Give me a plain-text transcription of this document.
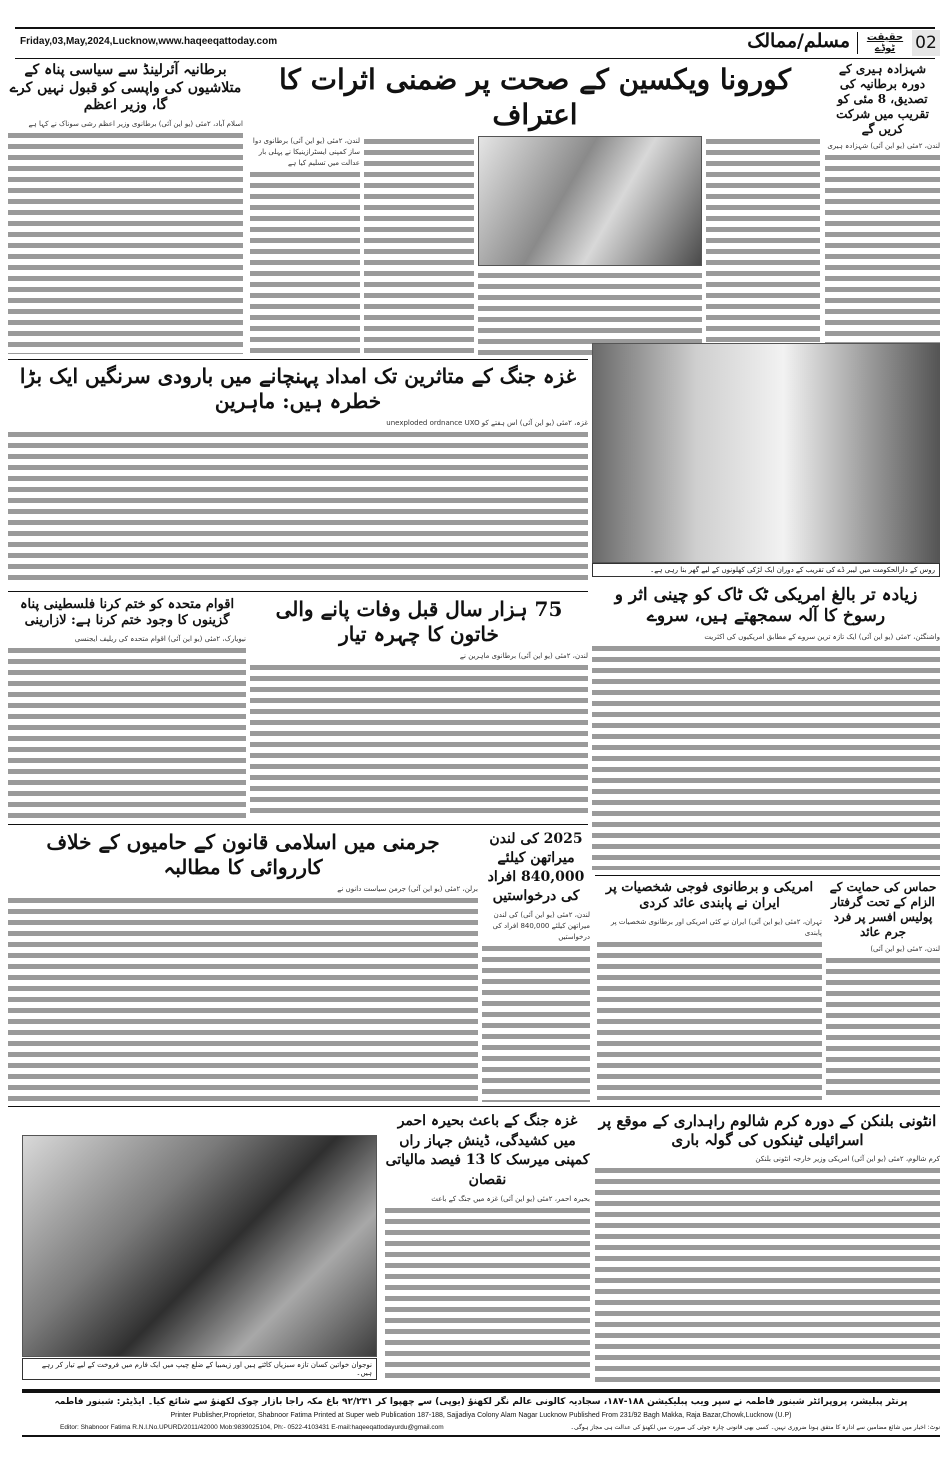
Friday,03,May,2024,Lucknow,www.haqeeqattoday.com	مسلم/ممالک	حقیقت ٹوڈے	02
برطانیہ آئرلینڈ سے سیاسی پناہ کے متلاشیوں کی واپسی کو قبول نہیں کرے گا، وزیر اعظم
اسلام آباد، ۲مئی (یو این آئی) برطانوی وزیر اعظم رشی سوناک نے کہا ہے
کورونا ویکسین کے صحت پر ضمنی اثرات کا اعتراف
لندن، ۲مئی (یو این آئی) برطانوی دوا ساز کمپنی ایسٹرازینیکا نے پہلی بار عدالت میں تسلیم کیا ہے
شہزادہ ہیری کے دورہ برطانیہ کی تصدیق، 8 مئی کو تقریب میں شرکت کریں گے
لندن، ۲مئی (یو این آئی) شہزادہ ہیری
غزہ جنگ کے متاثرین تک امداد پہنچانے میں بارودی سرنگیں ایک بڑا خطرہ ہیں: ماہرین
غزہ، ۲مئی (یو این آئی) اس ہفتے کو unexploded ordnance UXO
روس کے دارالحکومت میں لیبر ڈے کی تقریب کے دوران ایک لڑکی کھلونوں کے لیے گھر بنا رہی ہے۔
زیادہ تر بالغ امریکی ٹک ٹاک کو چینی اثر و رسوخ کا آلہ سمجھتے ہیں، سروے
واشنگٹن، ۲مئی (یو این آئی) ایک تازہ ترین سروے کے مطابق امریکیوں کی اکثریت
اقوام متحدہ کو ختم کرنا فلسطینی پناہ گزینوں کا وجود ختم کرنا ہے: لازارینی
نیویارک، ۲مئی (یو این آئی) اقوام متحدہ کی ریلیف ایجنسی
75 ہزار سال قبل وفات پانے والی خاتون کا چہرہ تیار
لندن، ۲مئی (یو این آئی) برطانوی ماہرین نے
جرمنی میں اسلامی قانون کے حامیوں کے خلاف کارروائی کا مطالبہ
برلن، ۲مئی (یو این آئی) جرمن سیاست دانوں نے
2025 کی لندن میراتھن کیلئے 840,000 افراد کی درخواستیں
لندن، ۲مئی (یو این آئی) کی لندن میراتھن کیلئے 840,000 افراد کی درخواستیں
امریکی و برطانوی فوجی شخصیات پر ایران نے پابندی عائد کردی
تہران، ۲مئی (یو این آئی) ایران نے کئی امریکی اور برطانوی شخصیات پر پابندی
حماس کی حمایت کے الزام کے تحت گرفتار پولیس افسر پر فرد جرم عائد
لندن، ۲مئی (یو این آئی)
نوجوان خواتین کسان تازہ سبزیاں کاٹتے ہیں اور زیمبیا کے ضلع چیپ میں ایک فارم میں فروخت کے لیے تیار کر رہے ہیں۔
غزہ جنگ کے باعث بحیرہ احمر میں کشیدگی، ڈینش جہاز راں کمپنی میرسک کا 13 فیصد مالیاتی نقصان
بحیرہ احمر، ۲مئی (یو این آئی) غزہ میں جنگ کے باعث
انٹونی بلنکن کے دورہ کرم شالوم راہداری کے موقع پر اسرائیلی ٹینکوں کی گولہ باری
کرم شالوم، ۲مئی (یو این آئی) امریکی وزیر خارجہ انٹونی بلنکن
پرنٹر پبلیشر، پروپرائٹر شبنور فاطمہ نے سپر ویب پبلیکیشن ۱۸۸-۱۸۷، سجادیہ کالونی عالم نگر لکھنؤ (یوپی) سے چھپوا کر ۹۲/۲۳۱ باغ مکہ راجا بازار چوک لکھنؤ سے شائع کیا۔ ایڈیٹر: شبنور فاطمہ
Printer Publisher,Proprietor, Shabnoor Fatima Printed at Super web Publication 187-188, Sajjadiya Colony Alam Nagar Lucknow Published From 231/92 Bagh Makka, Raja Bazar,Chowk,Lucknow (U.P)
Editor: Shabnoor Fatima R.N.I.No.UPURD/2011/42000 Mob:9839025104, Ph:- 0522-4103431 E-mail:haqeeqattodayurdu@gmail.com	نوٹ: اخبار میں شائع مضامین سے ادارہ کا متفق ہونا ضروری نہیں۔ کسی بھی قانونی چارہ جوئی کی صورت میں لکھنؤ کی عدالت ہی مجاز ہوگی۔
